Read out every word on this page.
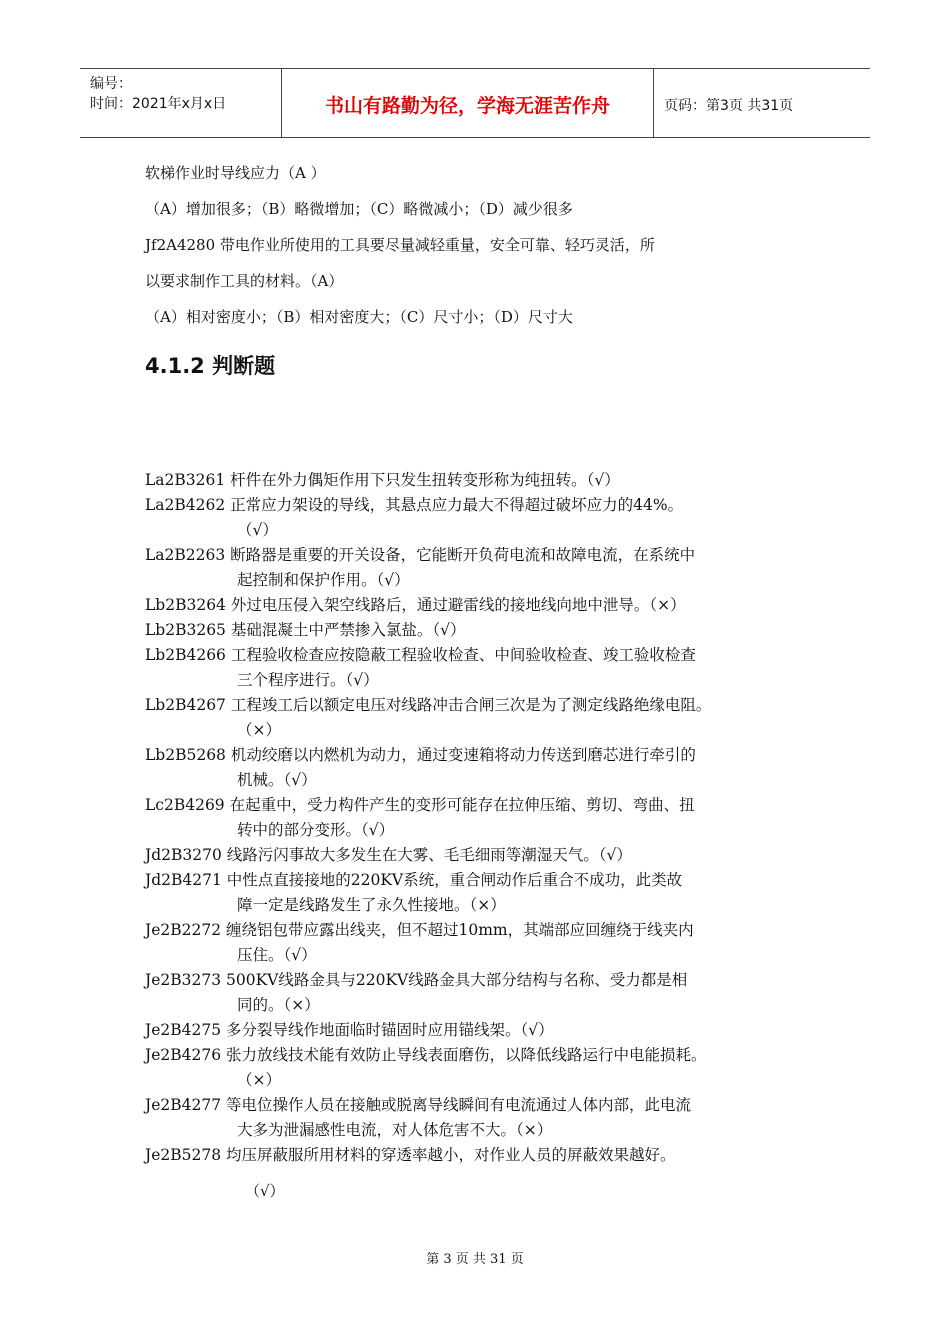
编号：
时间：2021年x月x日	书山有路勤为径，学海无涯苦作舟	页码：第3页 共31页
软梯作业时导线应力（A ）
（A）增加很多；（B）略微增加；（C）略微减小；（D）减少很多
Jf2A4280 带电作业所使用的工具要尽量减轻重量，安全可靠、轻巧灵活，所
以要求制作工具的材料。（A）
（A）相对密度小；（B）相对密度大；（C）尺寸小；（D）尺寸大
4.1.2 判断题
La2B3261 杆件在外力偶矩作用下只发生扭转变形称为纯扭转。（√）
La2B4262 正常应力架设的导线，其悬点应力最大不得超过破坏应力的44%。
（√）
La2B2263 断路器是重要的开关设备，它能断开负荷电流和故障电流，在系统中
起控制和保护作用。（√）
Lb2B3264 外过电压侵入架空线路后，通过避雷线的接地线向地中泄导。（×）
Lb2B3265 基础混凝土中严禁掺入氯盐。（√）
Lb2B4266 工程验收检查应按隐蔽工程验收检查、中间验收检查、竣工验收检查
三个程序进行。（√）
Lb2B4267 工程竣工后以额定电压对线路冲击合闸三次是为了测定线路绝缘电阻。
（×）
Lb2B5268 机动绞磨以内燃机为动力，通过变速箱将动力传送到磨芯进行牵引的
机械。（√）
Lc2B4269 在起重中，受力构件产生的变形可能存在拉伸压缩、剪切、弯曲、扭
转中的部分变形。（√）
Jd2B3270 线路污闪事故大多发生在大雾、毛毛细雨等潮湿天气。（√）
Jd2B4271 中性点直接接地的220KV系统，重合闸动作后重合不成功，此类故
障一定是线路发生了永久性接地。（×）
Je2B2272 缠绕铝包带应露出线夹，但不超过10mm，其端部应回缠绕于线夹内
压住。（√）
Je2B3273 500KV线路金具与220KV线路金具大部分结构与名称、受力都是相
同的。（×）
Je2B4275 多分裂导线作地面临时锚固时应用锚线架。（√）
Je2B4276 张力放线技术能有效防止导线表面磨伤，以降低线路运行中电能损耗。
（×）
Je2B4277 等电位操作人员在接触或脱离导线瞬间有电流通过人体内部，此电流
大多为泄漏感性电流，对人体危害不大。（×）
Je2B5278 均压屏蔽服所用材料的穿透率越小，对作业人员的屏蔽效果越好。
（√）
第 3 页 共 31 页
